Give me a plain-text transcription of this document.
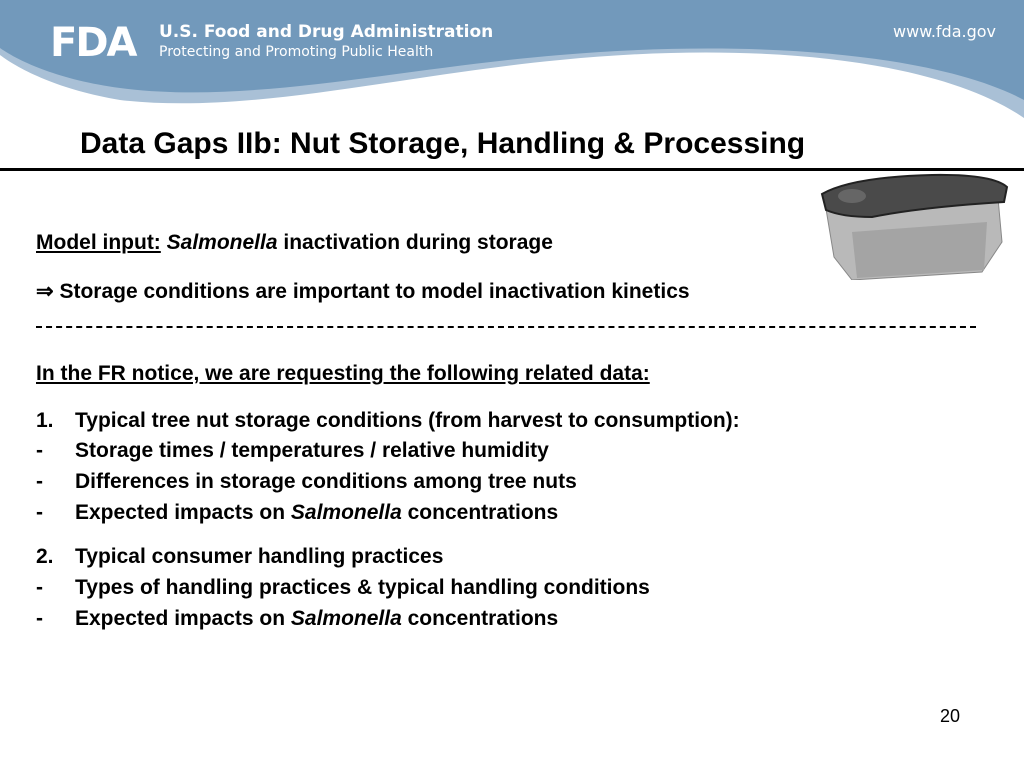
FDA U.S. Food and Drug Administration
Protecting and Promoting Public Health
www.fda.gov
Data Gaps IIb: Nut Storage, Handling & Processing
Model input: Salmonella inactivation during storage
⇒ Storage conditions are important to model inactivation kinetics
In the FR notice, we are requesting the following related data:
1. Typical tree nut storage conditions (from harvest to consumption):
- Storage times / temperatures / relative humidity
- Differences in storage conditions among tree nuts
- Expected impacts on Salmonella concentrations
2. Typical consumer handling practices
- Types of handling practices & typical handling conditions
- Expected impacts on Salmonella concentrations
20
